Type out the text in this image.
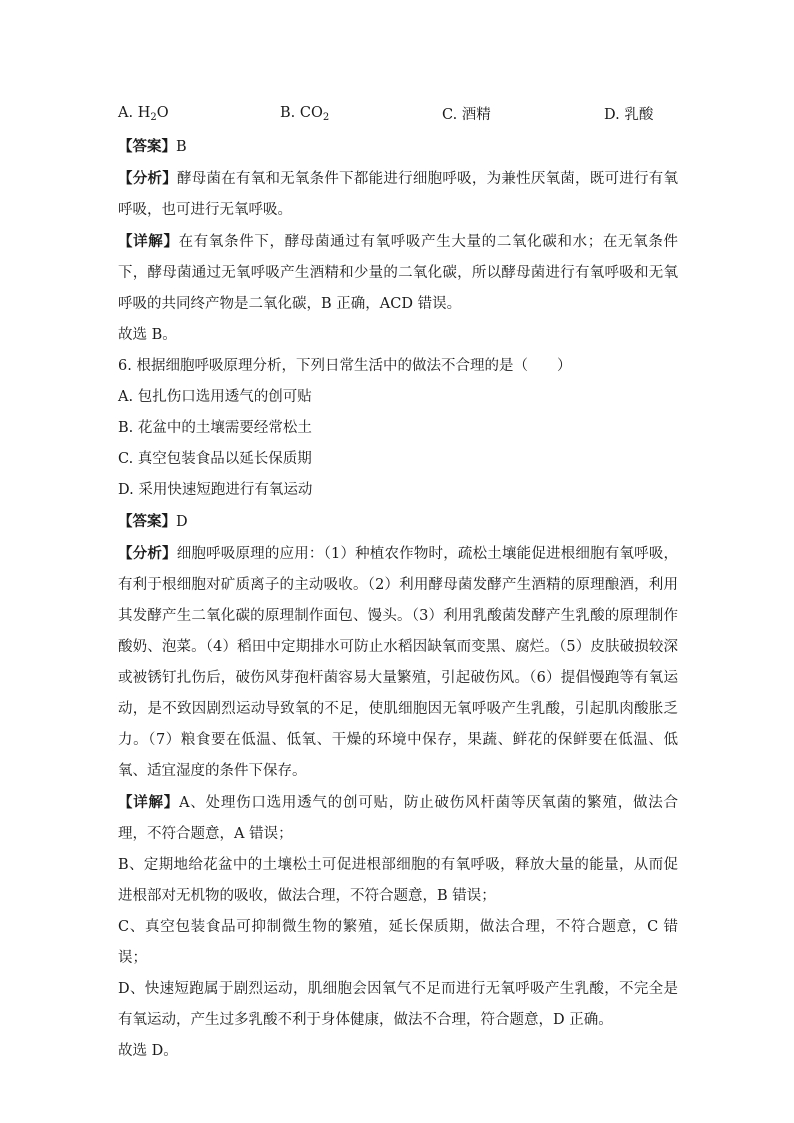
A. $H_2O$	B. $CO_2$	C. 酒精	D. 乳酸
【答案】B
【分析】酵母菌在有氧和无氧条件下都能进行细胞呼吸，为兼性厌氧菌，既可进行有氧呼吸，也可进行无氧呼吸。
【详解】在有氧条件下，酵母菌通过有氧呼吸产生大量的二氧化碳和水；在无氧条件下，酵母菌通过无氧呼吸产生酒精和少量的二氧化碳，所以酵母菌进行有氧呼吸和无氧呼吸的共同终产物是二氧化碳，B 正确，ACD 错误。
故选 B。
6. 根据细胞呼吸原理分析，下列日常生活中的做法不合理的是（　　）
A. 包扎伤口选用透气的创可贴
B. 花盆中的土壤需要经常松土
C. 真空包装食品以延长保质期
D. 采用快速短跑进行有氧运动
【答案】D
【分析】细胞呼吸原理的应用：（1）种植农作物时，疏松土壤能促进根细胞有氧呼吸，有利于根细胞对矿质离子的主动吸收。（2）利用酵母菌发酵产生酒精的原理酿酒，利用其发酵产生二氧化碳的原理制作面包、馒头。（3）利用乳酸菌发酵产生乳酸的原理制作酸奶、泡菜。（4）稻田中定期排水可防止水稻因缺氧而变黑、腐烂。（5）皮肤破损较深或被锈钉扎伤后，破伤风芽孢杆菌容易大量繁殖，引起破伤风。（6）提倡慢跑等有氧运动，是不致因剧烈运动导致氧的不足，使肌细胞因无氧呼吸产生乳酸，引起肌肉酸胀乏力。（7）粮食要在低温、低氧、干燥的环境中保存，果蔬、鲜花的保鲜要在低温、低氧、适宜湿度的条件下保存。
【详解】A、处理伤口选用透气的创可贴，防止破伤风杆菌等厌氧菌的繁殖，做法合理，不符合题意，A 错误；
B、定期地给花盆中的土壤松土可促进根部细胞的有氧呼吸，释放大量的能量，从而促进根部对无机物的吸收，做法合理，不符合题意，B 错误；
C、真空包装食品可抑制微生物的繁殖，延长保质期，做法合理，不符合题意，C 错误；
D、快速短跑属于剧烈运动，肌细胞会因氧气不足而进行无氧呼吸产生乳酸，不完全是有氧运动，产生过多乳酸不利于身体健康，做法不合理，符合题意，D 正确。
故选 D。
